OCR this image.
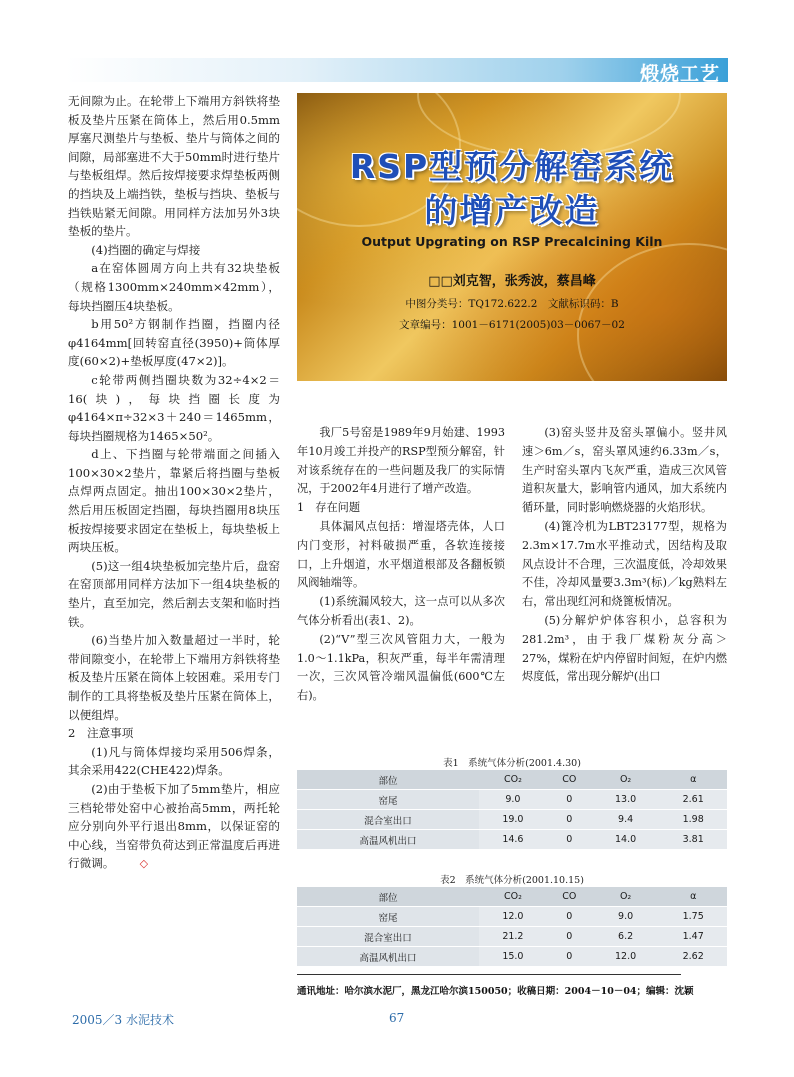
煅烧工艺

无间隙为止。在轮带上下端用方斜铁将垫板及垫片压紧在筒体上，然后用0.5mm厚塞尺测垫片与垫板、垫片与筒体之间的间隙，局部塞进不大于50mm时进行垫片与垫板组焊。然后按焊接要求焊垫板两侧的挡块及上端挡铁，垫板与挡块、垫板与挡铁贴紧无间隙。用同样方法加另外3块垫板的垫片。

(4)挡圈的确定与焊接

a在窑体圆周方向上共有32块垫板（规格1300mm×240mm×42mm），每块挡圈压4块垫板。

b用50²方钢制作挡圈，挡圈内径φ4164mm[回转窑直径(3950)+筒体厚度(60×2)+垫板厚度(47×2)]。

c轮带两侧挡圈块数为32÷4×2＝16(块)，每块挡圈长度为φ4164×π÷32×3＋240＝1465mm，每块挡圈规格为1465×50²。

d上、下挡圈与轮带端面之间插入100×30×2垫片，靠紧后将挡圈与垫板点焊两点固定。抽出100×30×2垫片，然后用压板固定挡圈，每块挡圈用8块压板按焊接要求固定在垫板上，每块垫板上两块压板。

(5)这一组4块垫板加完垫片后，盘窑在窑顶部用同样方法加下一组4块垫板的垫片，直至加完，然后割去支架和临时挡铁。

(6)当垫片加入数量超过一半时，轮带间隙变小，在轮带上下端用方斜铁将垫板及垫片压紧在筒体上较困难。采用专门制作的工具将垫板及垫片压紧在筒体上，以便组焊。

2　注意事项

(1)凡与筒体焊接均采用506焊条，其余采用422(CHE422)焊条。

(2)由于垫板下加了5mm垫片，相应三档轮带处窑中心被抬高5mm，两托轮应分别向外平行退出8mm，以保证窑的中心线，当窑带负荷达到正常温度后再进行微调。 ◇

RSP型预分解窑系统
的增产改造
Output Upgrating on RSP Precalcining Kiln
□□刘克智，张秀波，蔡昌峰
中图分类号：TQ172.622.2　文献标识码：B
文章编号：1001－6171(2005)03－0067－02

我厂5号窑是1989年9月始建、1993年10月竣工并投产的RSP型预分解窑，针对该系统存在的一些问题及我厂的实际情况，于2002年4月进行了增产改造。

1　存在问题

具体漏风点包括：增湿塔壳体，人口内门变形，衬料破损严重，各软连接接口，上升烟道，水平烟道根部及各翻板锁风阀轴端等。

(1)系统漏风较大，这一点可以从多次气体分析看出(表1、2)。

(2)“V”型三次风管阻力大，一般为1.0～1.1kPa，积灰严重，每半年需清理一次，三次风管冷端风温偏低(600℃左右)。

(3)窑头竖井及窑头罩偏小。竖井风速＞6m／s，窑头罩风速约6.33m／s，生产时窑头罩内飞灰严重，造成三次风管道积灰量大，影响管内通风，加大系统内循环量，同时影响燃烧器的火焰形状。

(4)篦冷机为LBT23177型，规格为2.3m×17.7m水平推动式，因结构及取风点设计不合理，三次温度低，冷却效果不佳，冷却风量要3.3m³(标)／kg熟料左右，常出现红河和烧篦板情况。

(5)分解炉炉体容积小，总容积为281.2m³，由于我厂煤粉灰分高＞27%，煤粉在炉内停留时间短，在炉内燃烬度低，常出现分解炉(出口

表1　系统气体分析(2001.4.30)
部位	CO₂	CO	O₂	α
窑尾	9.0	0	13.0	2.61
混合室出口	19.0	0	9.4	1.98
高温风机出口	14.6	0	14.0	3.81
表2　系统气体分析(2001.10.15)
部位	CO₂	CO	O₂	α
窑尾	12.0	0	9.0	1.75
混合室出口	21.2	0	6.2	1.47
高温风机出口	15.0	0	12.0	2.62
通讯地址：哈尔滨水泥厂，黑龙江哈尔滨150050；收稿日期：2004－10－04；编辑：沈颖
2005／3 水泥技术	67
